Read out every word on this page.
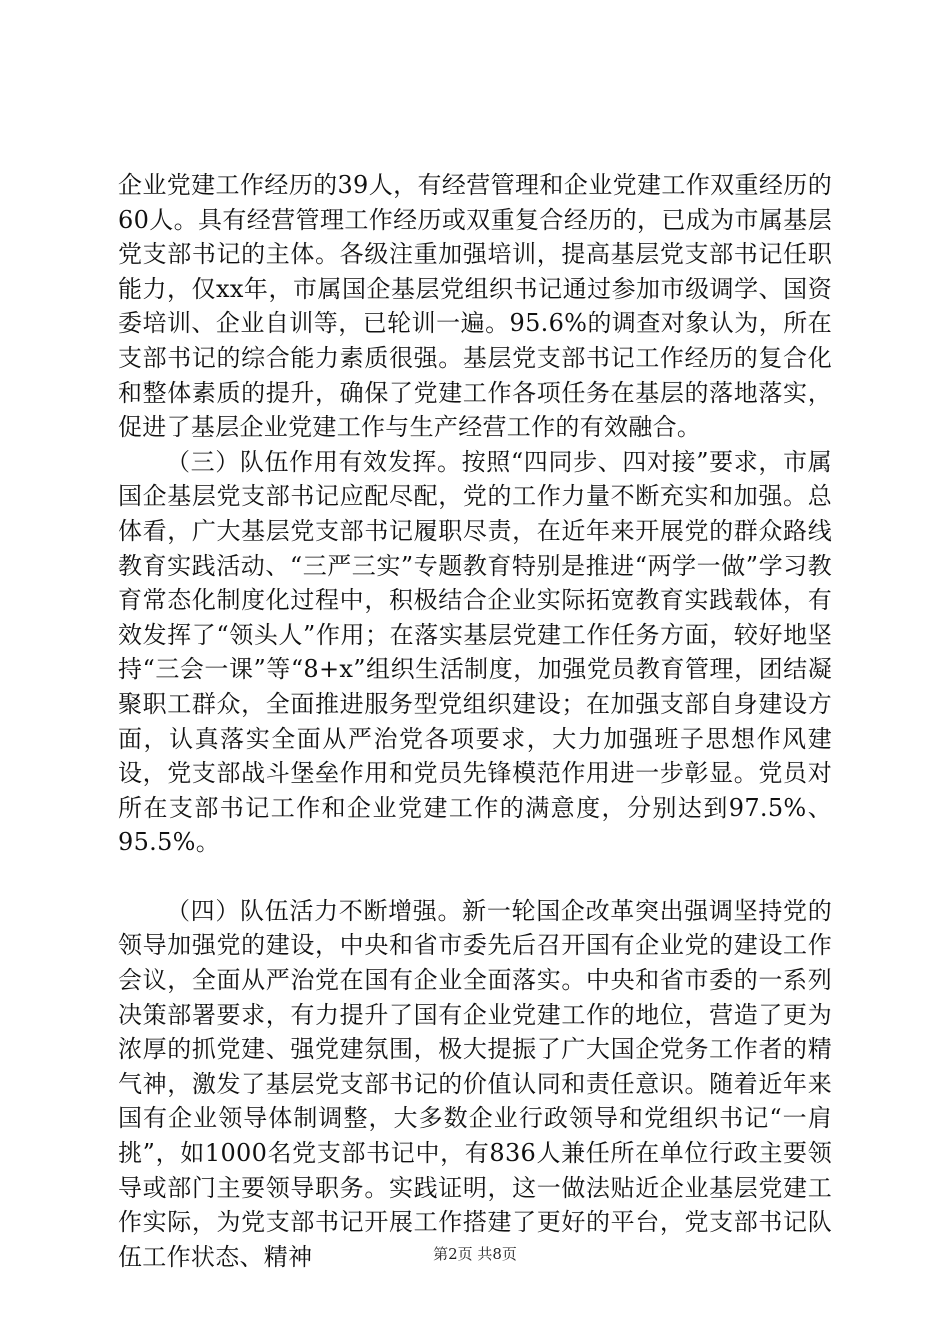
企业党建工作经历的39人，有经营管理和企业党建工作双重经历的60人。具有经营管理工作经历或双重复合经历的，已成为市属基层党支部书记的主体。各级注重加强培训，提高基层党支部书记任职能力，仅xx年，市属国企基层党组织书记通过参加市级调学、国资委培训、企业自训等，已轮训一遍。95.6%的调查对象认为，所在支部书记的综合能力素质很强。基层党支部书记工作经历的复合化和整体素质的提升，确保了党建工作各项任务在基层的落地落实，促进了基层企业党建工作与生产经营工作的有效融合。

（三）队伍作用有效发挥。按照“四同步、四对接”要求，市属国企基层党支部书记应配尽配，党的工作力量不断充实和加强。总体看，广大基层党支部书记履职尽责，在近年来开展党的群众路线教育实践活动、“三严三实”专题教育特别是推进“两学一做”学习教育常态化制度化过程中，积极结合企业实际拓宽教育实践载体，有效发挥了“领头人”作用；在落实基层党建工作任务方面，较好地坚持“三会一课”等“8+x”组织生活制度，加强党员教育管理，团结凝聚职工群众，全面推进服务型党组织建设；在加强支部自身建设方面，认真落实全面从严治党各项要求，大力加强班子思想作风建设，党支部战斗堡垒作用和党员先锋模范作用进一步彰显。党员对所在支部书记工作和企业党建工作的满意度，分别达到97.5%、95.5%。

（四）队伍活力不断增强。新一轮国企改革突出强调坚持党的领导加强党的建设，中央和省市委先后召开国有企业党的建设工作会议，全面从严治党在国有企业全面落实。中央和省市委的一系列决策部署要求，有力提升了国有企业党建工作的地位，营造了更为浓厚的抓党建、强党建氛围，极大提振了广大国企党务工作者的精气神，激发了基层党支部书记的价值认同和责任意识。随着近年来国有企业领导体制调整，大多数企业行政领导和党组织书记“一肩挑”，如1000名党支部书记中，有836人兼任所在单位行政主要领导或部门主要领导职务。实践证明，这一做法贴近企业基层党建工作实际，为党支部书记开展工作搭建了更好的平台，党支部书记队伍工作状态、精神	第2页 共8页
